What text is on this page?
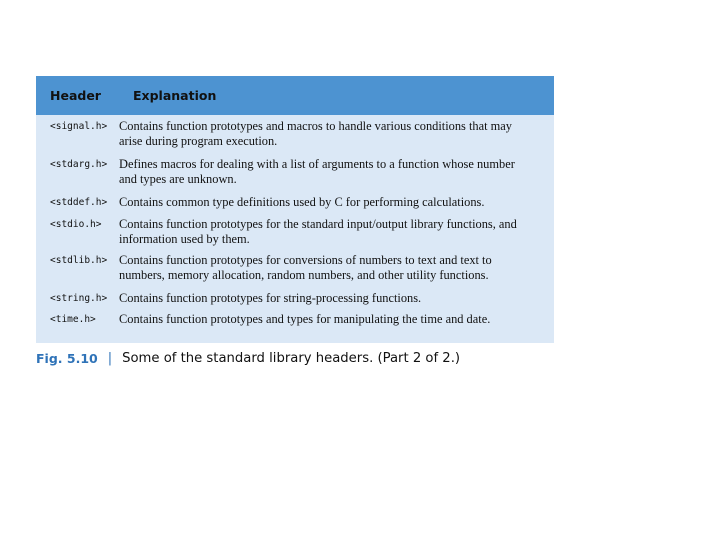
Header	Explanation
<signal.h> Contains function prototypes and macros to handle various conditions that may arise during program execution.
<stdarg.h> Defines macros for dealing with a list of arguments to a function whose number and types are unknown.
<stddef.h> Contains common type definitions used by C for performing calculations.
<stdio.h>	Contains function prototypes for the standard input/output library functions, and information used by them.
<stdlib.h> Contains function prototypes for conversions of numbers to text and text to numbers, memory allocation, random numbers, and other utility functions.
<string.h> Contains function prototypes for string-processing functions.
<time.h>	Contains function prototypes and types for manipulating the time and date.
Fig. 5.10 | Some of the standard library headers. (Part 2 of 2.)
